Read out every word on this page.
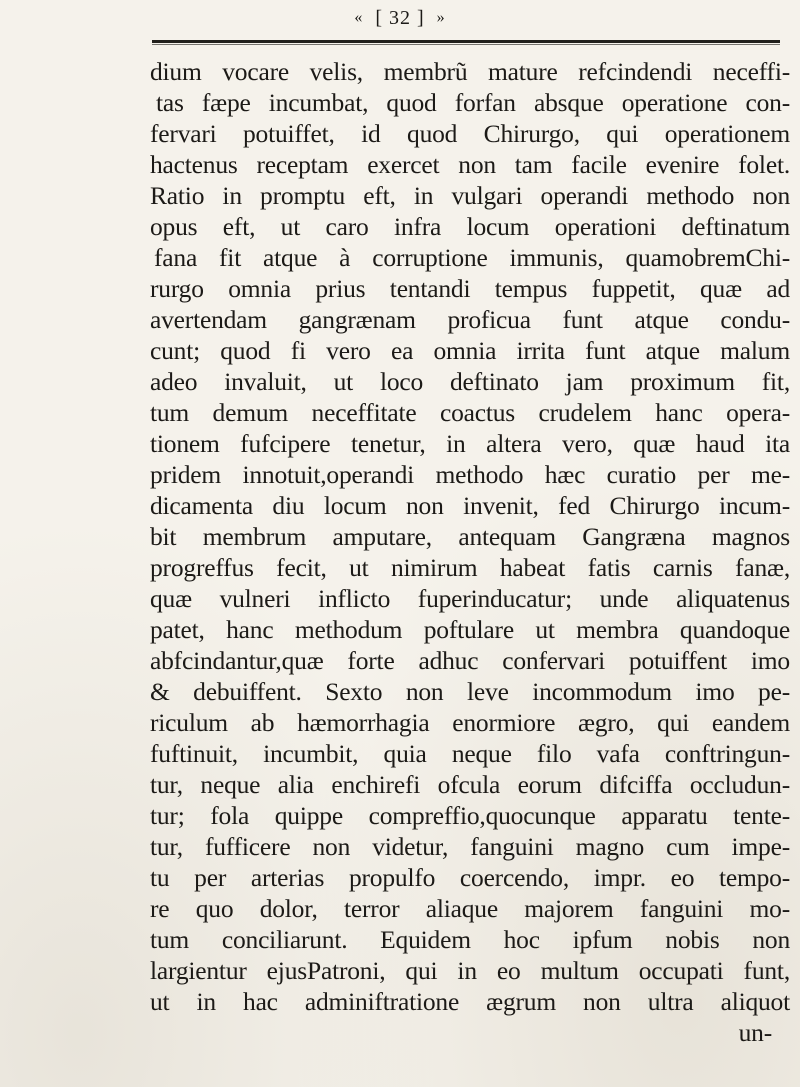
« [ 32 ] »
dium vocare velis, membrũ mature refcindendi neceffi-
tas fæpe incumbat, quod forfan absque operatione con-
fervari potuiffet, id quod Chirurgo, qui operationem
hactenus receptam exercet non tam facile evenire folet.
Ratio in promptu eft, in vulgari operandi methodo non
opus eft, ut caro infra locum operationi deftinatum
fana fit atque à corruptione immunis, quamobremChi-
rurgo omnia prius tentandi tempus fuppetit, quæ ad
avertendam gangrænam proficua funt atque condu-
cunt; quod fi vero ea omnia irrita funt atque malum
adeo invaluit, ut loco deftinato jam proximum fit,
tum demum neceffitate coactus crudelem hanc opera-
tionem fufcipere tenetur, in altera vero, quæ haud ita
pridem innotuit,operandi methodo hæc curatio per me-
dicamenta diu locum non invenit, fed Chirurgo incum-
bit membrum amputare, antequam Gangræna magnos
progreffus fecit, ut nimirum habeat fatis carnis fanæ,
quæ vulneri inflicto fuperinducatur; unde aliquatenus
patet, hanc methodum poftulare ut membra quandoque
abfcindantur,quæ forte adhuc confervari potuiffent imo
& debuiffent. Sexto non leve incommodum imo pe-
riculum ab hæmorrhagia enormiore ægro, qui eandem
fuftinuit, incumbit, quia neque filo vafa conftringun-
tur, neque alia enchirefi ofcula eorum difciffa occludun-
tur; fola quippe compreffio,quocunque apparatu tente-
tur, fufficere non videtur, fanguini magno cum impe-
tu per arterias propulfo coercendo, impr. eo tempo-
re quo dolor, terror aliaque majorem fanguini mo-
tum conciliarunt. Equidem hoc ipfum nobis non
largientur ejusPatroni, qui in eo multum occupati funt,
ut in hac adminiftratione ægrum non ultra aliquot
un-
